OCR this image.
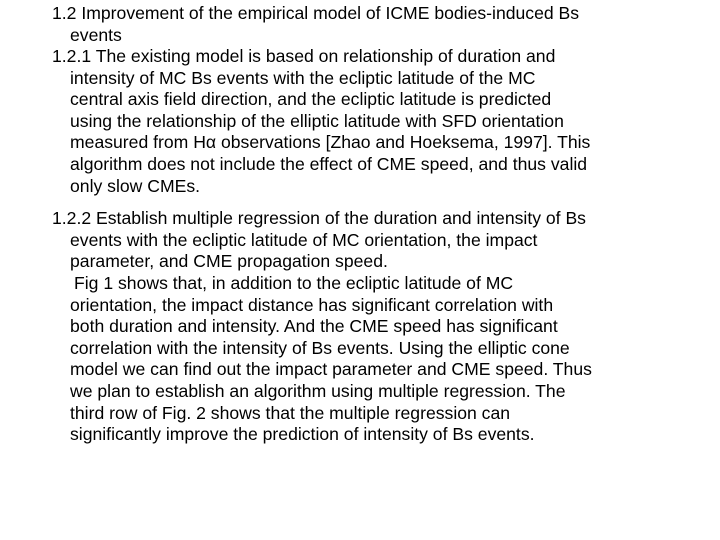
1.2 Improvement of the empirical model of ICME bodies-induced Bs
events

1.2.1 The existing model is based on relationship of duration and
intensity of MC Bs events with the ecliptic latitude of the MC
central axis field direction, and the ecliptic latitude is predicted
using the relationship of the elliptic latitude with SFD orientation
measured from Hα observations [Zhao and Hoeksema, 1997]. This
algorithm does not include the effect of CME speed, and thus valid
only slow CMEs.

1.2.2 Establish multiple regression of the duration and intensity of Bs
events with the ecliptic latitude of MC orientation, the impact
parameter, and CME propagation speed.

Fig 1 shows that, in addition to the ecliptic latitude of MC
orientation, the impact distance has significant correlation with
both duration and intensity. And the CME speed has significant
correlation with the intensity of Bs events. Using the elliptic cone
model we can find out the impact parameter and CME speed. Thus
we plan to establish an algorithm using multiple regression. The
third row of Fig. 2 shows that the multiple regression can
significantly improve the prediction of intensity of Bs events.
